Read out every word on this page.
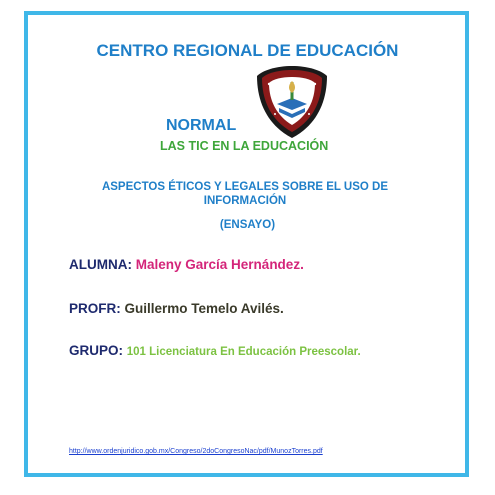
CENTRO REGIONAL DE EDUCACIÓN
NORMAL
LAS TIC EN LA EDUCACIÓN
ASPECTOS ÉTICOS Y LEGALES SOBRE EL USO DE INFORMACIÓN
(ENSAYO)
ALUMNA: Maleny García Hernández.
PROFR: Guillermo Temelo Avilés.
GRUPO: 101 Licenciatura En Educación Preescolar.
http://www.ordenjuridico.gob.mx/Congreso/2doCongresoNac/pdf/MunozTorres.pdf
